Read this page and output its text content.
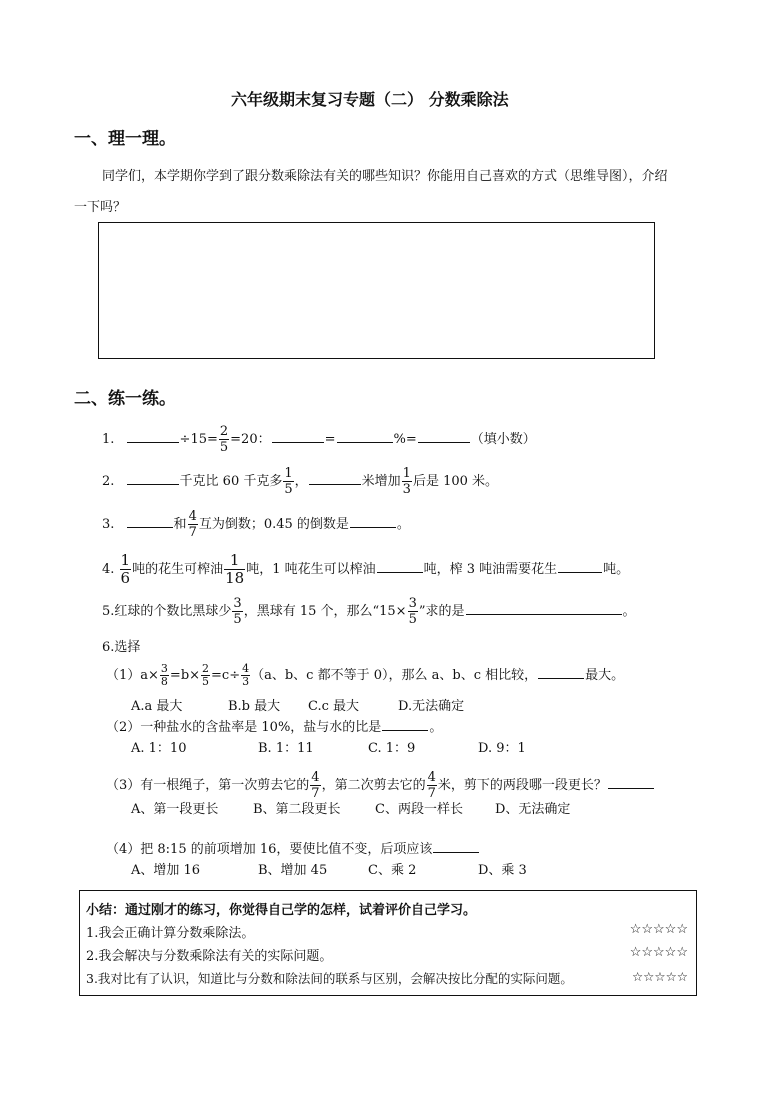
六年级期末复习专题（二） 分数乘除法
一、理一理。
同学们，本学期你学到了跟分数乘除法有关的哪些知识？你能用自己喜欢的方式（思维导图），介绍
一下吗？
二、练一练。
1.	$\div 15= \frac{2}{5} =20$：	=	%=	（填小数）
2.	千克比 60 千克多 $\frac{1}{5}$ ，	米增加 $\frac{1}{3}$ 后是 100 米。
3.	和 $\frac{4}{7}$ 互为倒数；0.45 的倒数是	。
4. $\frac{1}{6}$ 吨的花生可榨油 $\frac{1}{18}$ 吨，1 吨花生可以榨油	吨，榨 3 吨油需要花生	吨。
5.红球的个数比黑球少 $\frac{3}{5}$ ，黑球有 15 个，那么“$15\times \frac{3}{5}$ ”求的是	。
6.选择
$(1)a\times \frac{3}{8} =b\times \frac{2}{5} =c\div \frac{4}{3} (a$、b、c 都不等于 0），那么 a、b、c 相比较，	最大。
A.a 最大	B.b 最大 C.c 最大	D.无法确定
（2）一种盐水的含盐率是 10%，盐与水的比是	。
A. 1：10	B. 1：11	C. 1：9	D. 9：1
（3）有一根绳子，第一次剪去它的 $\frac{4}{7}$ ，第二次剪去它的 $\frac{4}{7}$ 米，剪下的两段哪一段更长？
A、第一段更长	B、第二段更长	C、两段一样长 D、无法确定
（4）把 8:15 的前项增加 16，要使比值不变，后项应该
A、增加 16	B、增加 45	C、乘 2	D、乘 3
小结：通过刚才的练习，你觉得自己学的怎样，试着评价自己学习。
1.我会正确计算分数乘除法。	☆☆☆☆☆
2.我会解决与分数乘除法有关的实际问题。	☆☆☆☆☆
3.我对比有了认识，知道比与分数和除法间的联系与区别，会解决按比分配的实际问题。	☆☆☆☆☆
